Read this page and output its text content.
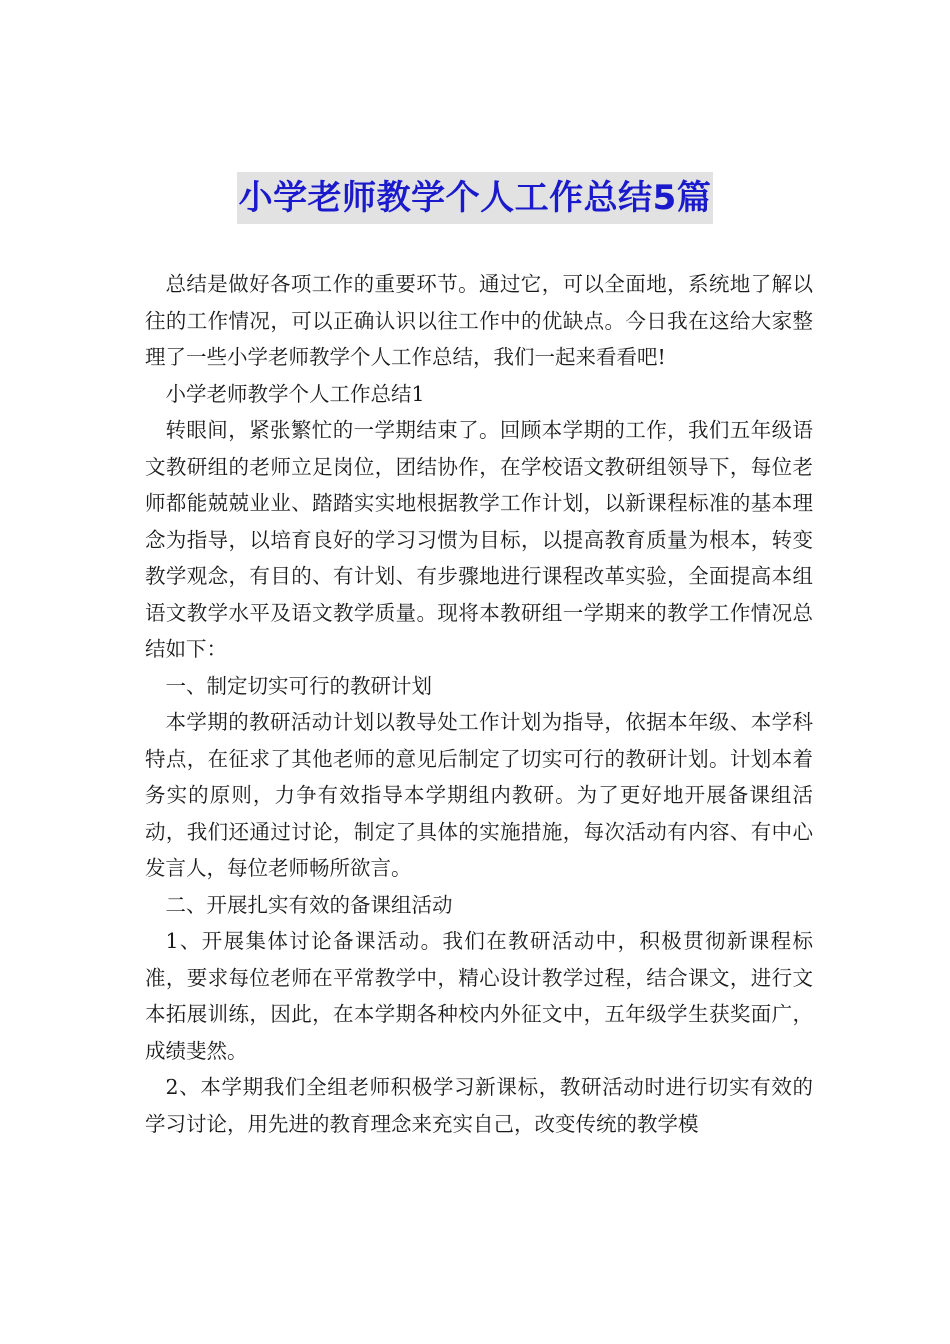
小学老师教学个人工作总结5篇

总结是做好各项工作的重要环节。通过它，可以全面地，系统地了解以往的工作情况，可以正确认识以往工作中的优缺点。今日我在这给大家整理了一些小学老师教学个人工作总结，我们一起来看看吧!

小学老师教学个人工作总结1

转眼间，紧张繁忙的一学期结束了。回顾本学期的工作，我们五年级语文教研组的老师立足岗位，团结协作，在学校语文教研组领导下，每位老师都能兢兢业业、踏踏实实地根据教学工作计划，以新课程标准的基本理念为指导，以培育良好的学习习惯为目标，以提高教育质量为根本，转变教学观念，有目的、有计划、有步骤地进行课程改革实验，全面提高本组语文教学水平及语文教学质量。现将本教研组一学期来的教学工作情况总结如下：

一、制定切实可行的教研计划

本学期的教研活动计划以教导处工作计划为指导，依据本年级、本学科特点，在征求了其他老师的意见后制定了切实可行的教研计划。计划本着务实的原则，力争有效指导本学期组内教研。为了更好地开展备课组活动，我们还通过讨论，制定了具体的实施措施，每次活动有内容、有中心发言人，每位老师畅所欲言。

二、开展扎实有效的备课组活动

1、开展集体讨论备课活动。我们在教研活动中，积极贯彻新课程标准，要求每位老师在平常教学中，精心设计教学过程，结合课文，进行文本拓展训练，因此，在本学期各种校内外征文中，五年级学生获奖面广，成绩斐然。

2、本学期我们全组老师积极学习新课标，教研活动时进行切实有效的学习讨论，用先进的教育理念来充实自己，改变传统的教学模
